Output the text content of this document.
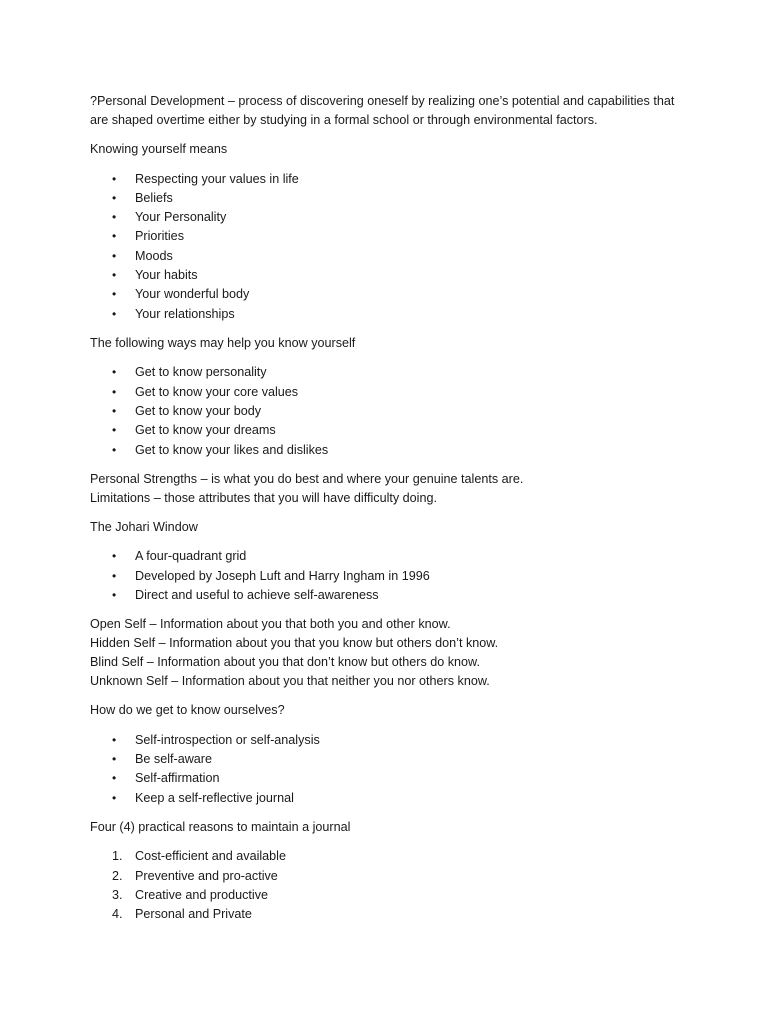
?Personal Development – process of discovering oneself by realizing one’s potential and capabilities that are shaped overtime either by studying in a formal school or through environmental factors.

Knowing yourself means

• Respecting your values in life
• Beliefs
• Your Personality
• Priorities
• Moods
• Your habits
• Your wonderful body
• Your relationships

The following ways may help you know yourself

• Get to know personality
• Get to know your core values
• Get to know your body
• Get to know your dreams
• Get to know your likes and dislikes

Personal Strengths – is what you do best and where your genuine talents are.
Limitations – those attributes that you will have difficulty doing.

The Johari Window

• A four-quadrant grid
• Developed by Joseph Luft and Harry Ingham in 1996
• Direct and useful to achieve self-awareness

Open Self – Information about you that both you and other know.
Hidden Self – Information about you that you know but others don’t know.
Blind Self – Information about you that don’t know but others do know.
Unknown Self – Information about you that neither you nor others know.

How do we get to know ourselves?

• Self-introspection or self-analysis
• Be self-aware
• Self-affirmation
• Keep a self-reflective journal

Four (4) practical reasons to maintain a journal

1. Cost-efficient and available
2. Preventive and pro-active
3. Creative and productive
4. Personal and Private
